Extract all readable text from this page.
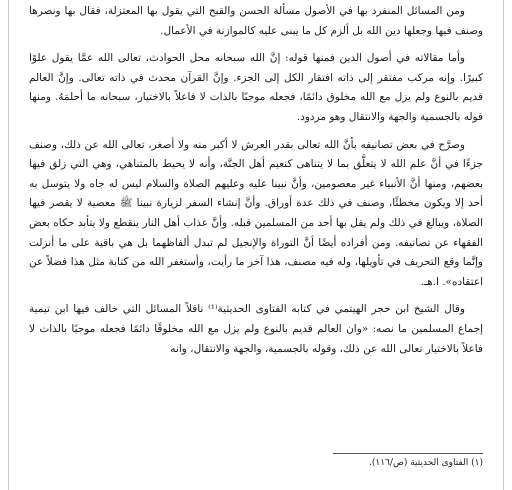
ومن المسائل المنفرد بها في الأصول مسألة الحسن والقبح التي يقول بها المعتزلة، فقال بها ونصرها وصنف فيها وجعلها دين الله بل ألزم كل ما يبنى عليه كالموازنة في الأعمال.

وأما مقالاته في أصول الدين فمنها قوله: إنَّ الله سبحانه محل الحوادث، تعالى الله عمَّا يقول علوًا كبيرًا. وإنه مركب مفتقر إلى ذاته افتقار الكل إلى الجزء. وإنَّ القرآن محدث في ذاته تعالى. وإنَّ العالم قديم بالنوع ولم يزل مع الله مخلوق دائمًا، فجعله موجبًا بالذات لا فاعلاً بالاختيار، سبحانه ما أحلمَهُ. ومنها قوله بالجسمية والجهة والانتقال وهو مردود.

وصرَّح في بعض تصانيفه بأنَّ الله تعالى بقدر العرش لا أكبر منه ولا أصغر، تعالى الله عن ذلك، وصنف جزءًا في أنَّ علم الله لا يتعلَّق بما لا يتناهى كنعيم أهل الجنَّة، وأنه لا يحيط بالمتناهي، وهي التي زلق فيها بعضهم، ومنها أنَّ الأنبياء غير معصومين، وأنَّ نبينا عليه وعليهم الصلاة والسلام ليس له جاه ولا يتوسل به أحد إلا ويكون مخطئًا، وصنف في ذلك عدة أوراق. وأنَّ إنشاء السفر لزيارة نبينا ﷺ معصية لا يقصر فيها الصلاة، ويبالغ في ذلك ولم يقل بها أحد من المسلمين قبله. وأنَّ عذاب أهل النار ينقطع ولا يتأبد حكاه بعض الفقهاء عن تصانيفه. ومن أفراده أيضًا أنَّ التوراة والإنجيل لم تبدل ألفاظهما بل هي باقية على ما أنزلت وإنَّما وقع التحريف في تأويلها، وله فيه مصنف، هذا آخر ما رأيت، وأستغفر الله من كتابة مثل هذا فضلاً عن اعتقاده». ا.هـ.

وقال الشيخ ابن حجر الهيتمي في كتابه الفتاوى الحديثية⁽¹⁾ ناقلاً المسائل التي خالف فيها ابن تيمية إجماع المسلمين ما نصه: «وان العالم قديم بالنوع ولم يزل مع الله مخلوقًا دائمًا فجعله موجبًا بالذات لا فاعلاً بالاختيار تعالى الله عن ذلك، وقوله بالجسمية، والجهة والانتقال، وانه

(١) الفتاوى الحديثية (ص/١١٦).
